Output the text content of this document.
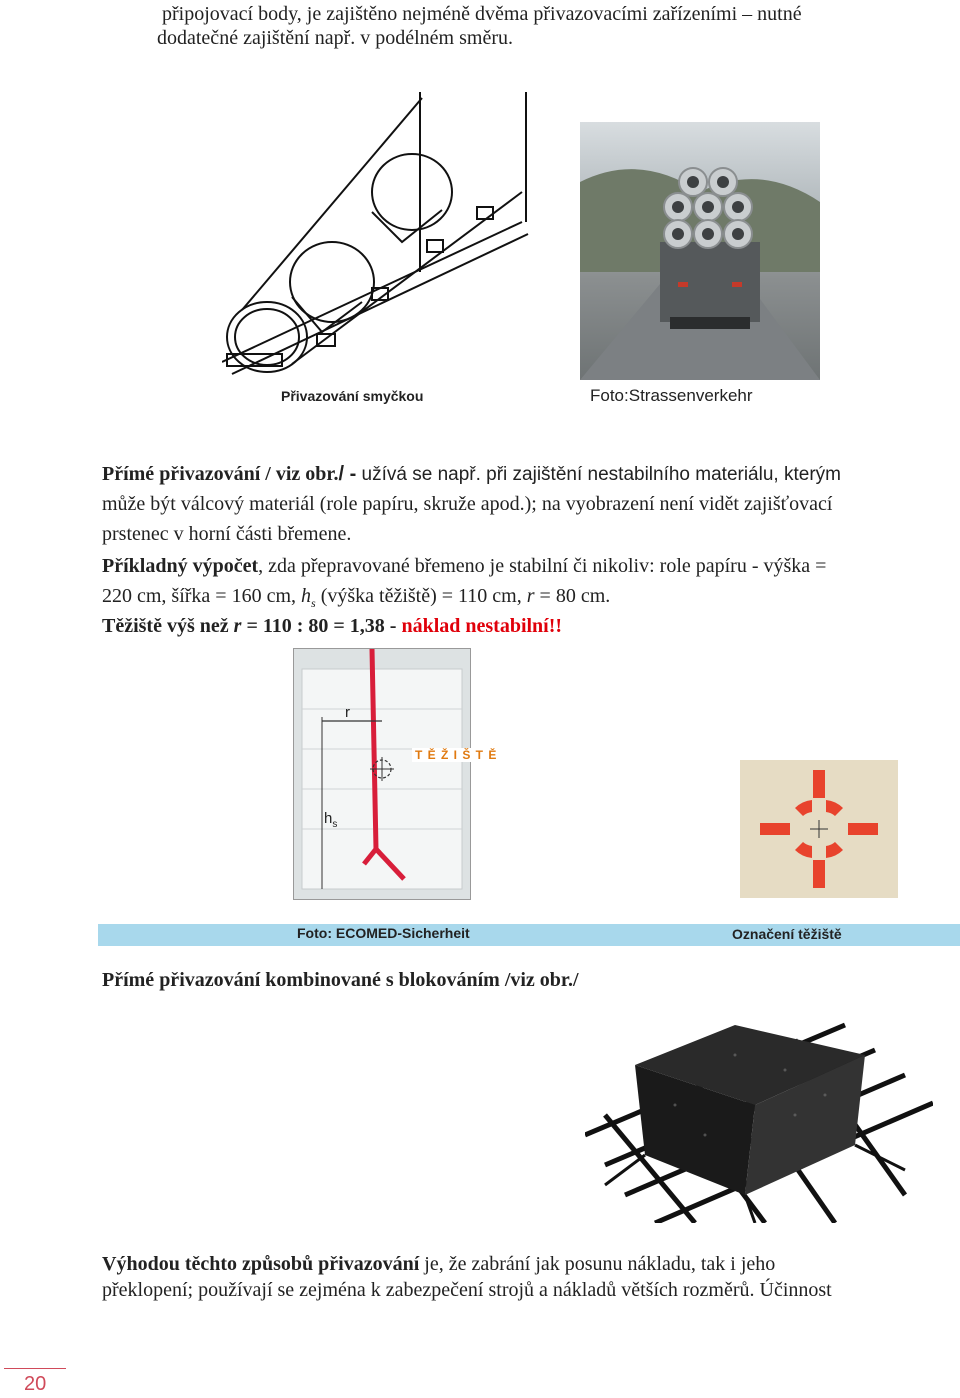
připojovací body, je zajištěno nejméně dvěma přivazovacími zařízeními – nutné
dodatečné zajištění např. v podélném směru.
Přivazování smyčkou	Foto:Strassenverkehr
Přímé přivazování / viz obr./ - užívá se např. při zajištění nestabilního materiálu, kterým
může být válcový materiál (role papíru, skruže apod.); na vyobrazení není vidět zajišťovací
prstenec v horní části břemene.
Příkladný výpočet, zda přepravované břemeno je stabilní či nikoliv: role papíru - výška =
220 cm, šířka = 160 cm, $h_s$ (výška těžiště) = 110 cm, r = 80 cm.
Těžiště výš než r = 110 : 80 = 1,38 - náklad nestabilní!!
r
T Ě Ž I Š T Ě
$h_s$
Foto: ECOMED-Sicherheit	Označení těžiště
Přímé přivazování kombinované s blokováním /viz obr./
Výhodou těchto způsobů přivazování je, že zabrání jak posunu nákladu, tak i jeho
překlopení; používají se zejména k zabezpečení strojů a nákladů větších rozměrů. Účinnost
20
